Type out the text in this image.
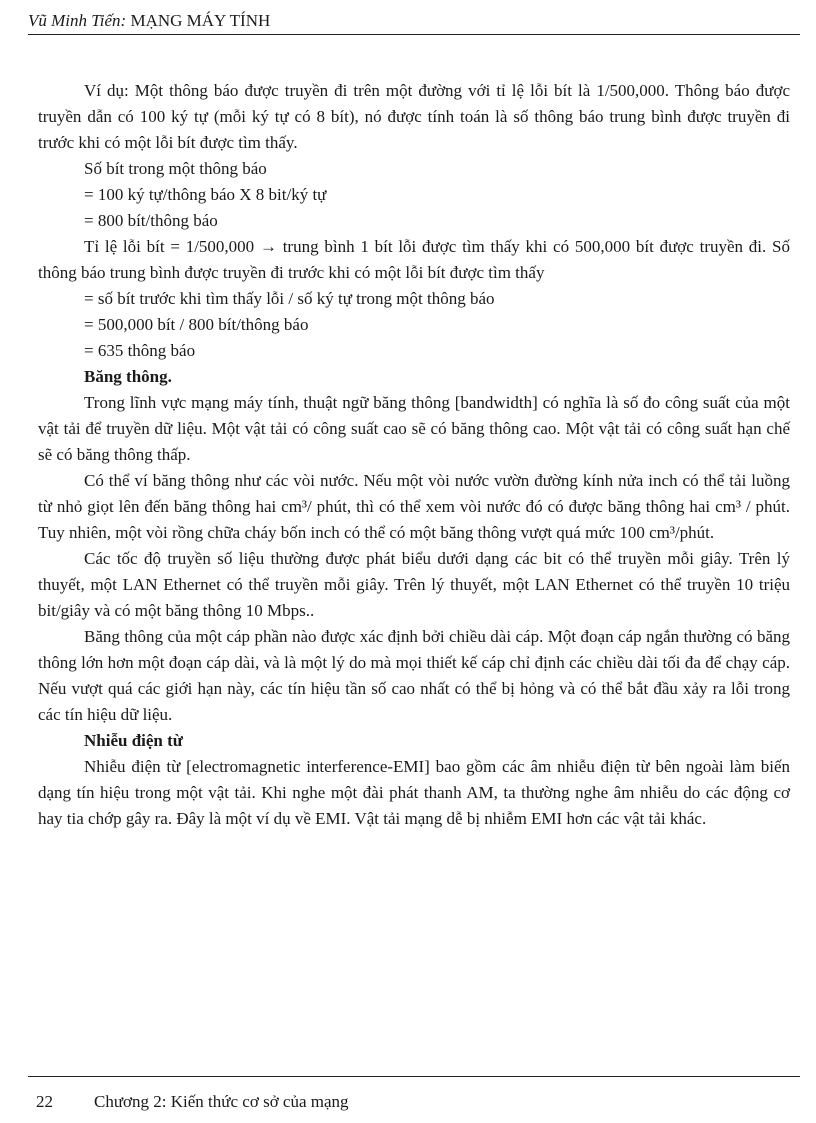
Vũ Minh Tiến: MẠNG MÁY TÍNH

Ví dụ: Một thông báo được truyền đi trên một đường với tỉ lệ lỗi bít là 1/500,000. Thông báo được truyền dẫn có 100 ký tự (mỗi ký tự có 8 bít), nó được tính toán là số thông báo trung bình được truyền đi trước khi có một lỗi bít được tìm thấy.

Số bít trong một thông báo

= 100 ký tự/thông báo X 8 bit/ký tự

= 800 bít/thông báo

Tỉ lệ lỗi bít = 1/500,000 → trung bình 1 bít lỗi được tìm thấy khi có 500,000 bít được truyền đi. Số thông báo trung bình được truyền đi trước khi có một lỗi bít được tìm thấy

= số bít trước khi tìm thấy lỗi / số ký tự trong một thông báo

= 500,000 bít / 800 bít/thông báo

= 635 thông báo

Băng thông.

Trong lĩnh vực mạng máy tính, thuật ngữ băng thông [bandwidth] có nghĩa là số đo công suất của một vật tải để truyền dữ liệu. Một vật tải có công suất cao sẽ có băng thông cao. Một vật tải có công suất hạn chế sẽ có băng thông thấp.

Có thể ví băng thông như các vòi nước. Nếu một vòi nước vườn đường kính nửa inch có thể tải luồng từ nhỏ giọt lên đến băng thông hai cm³/ phút, thì có thể xem vòi nước đó có được băng thông hai cm³ / phút. Tuy nhiên, một vòi rồng chữa cháy bốn inch có thể có một băng thông vượt quá mức 100 cm³/phút.

Các tốc độ truyền số liệu thường được phát biểu dưới dạng các bit có thể truyền mỗi giây. Trên lý thuyết, một LAN Ethernet có thể truyền mỗi giây. Trên lý thuyết, một LAN Ethernet có thể truyền 10 triệu bit/giây và có một băng thông 10 Mbps..

Băng thông của một cáp phần nào được xác định bởi chiều dài cáp. Một đoạn cáp ngắn thường có băng thông lớn hơn một đoạn cáp dài, và là một lý do mà mọi thiết kế cáp chỉ định các chiều dài tối đa để chạy cáp. Nếu vượt quá các giới hạn này, các tín hiệu tần số cao nhất có thể bị hỏng và có thể bắt đầu xảy ra lỗi trong các tín hiệu dữ liệu.

Nhiễu điện từ

Nhiễu điện từ [electromagnetic interference-EMI] bao gồm các âm nhiễu điện từ bên ngoài làm biến dạng tín hiệu trong một vật tải. Khi nghe một đài phát thanh AM, ta thường nghe âm nhiễu do các động cơ hay tia chớp gây ra. Đây là một ví dụ về EMI. Vật tải mạng dễ bị nhiễm EMI hơn các vật tải khác.

22 Chương 2: Kiến thức cơ sở của mạng
